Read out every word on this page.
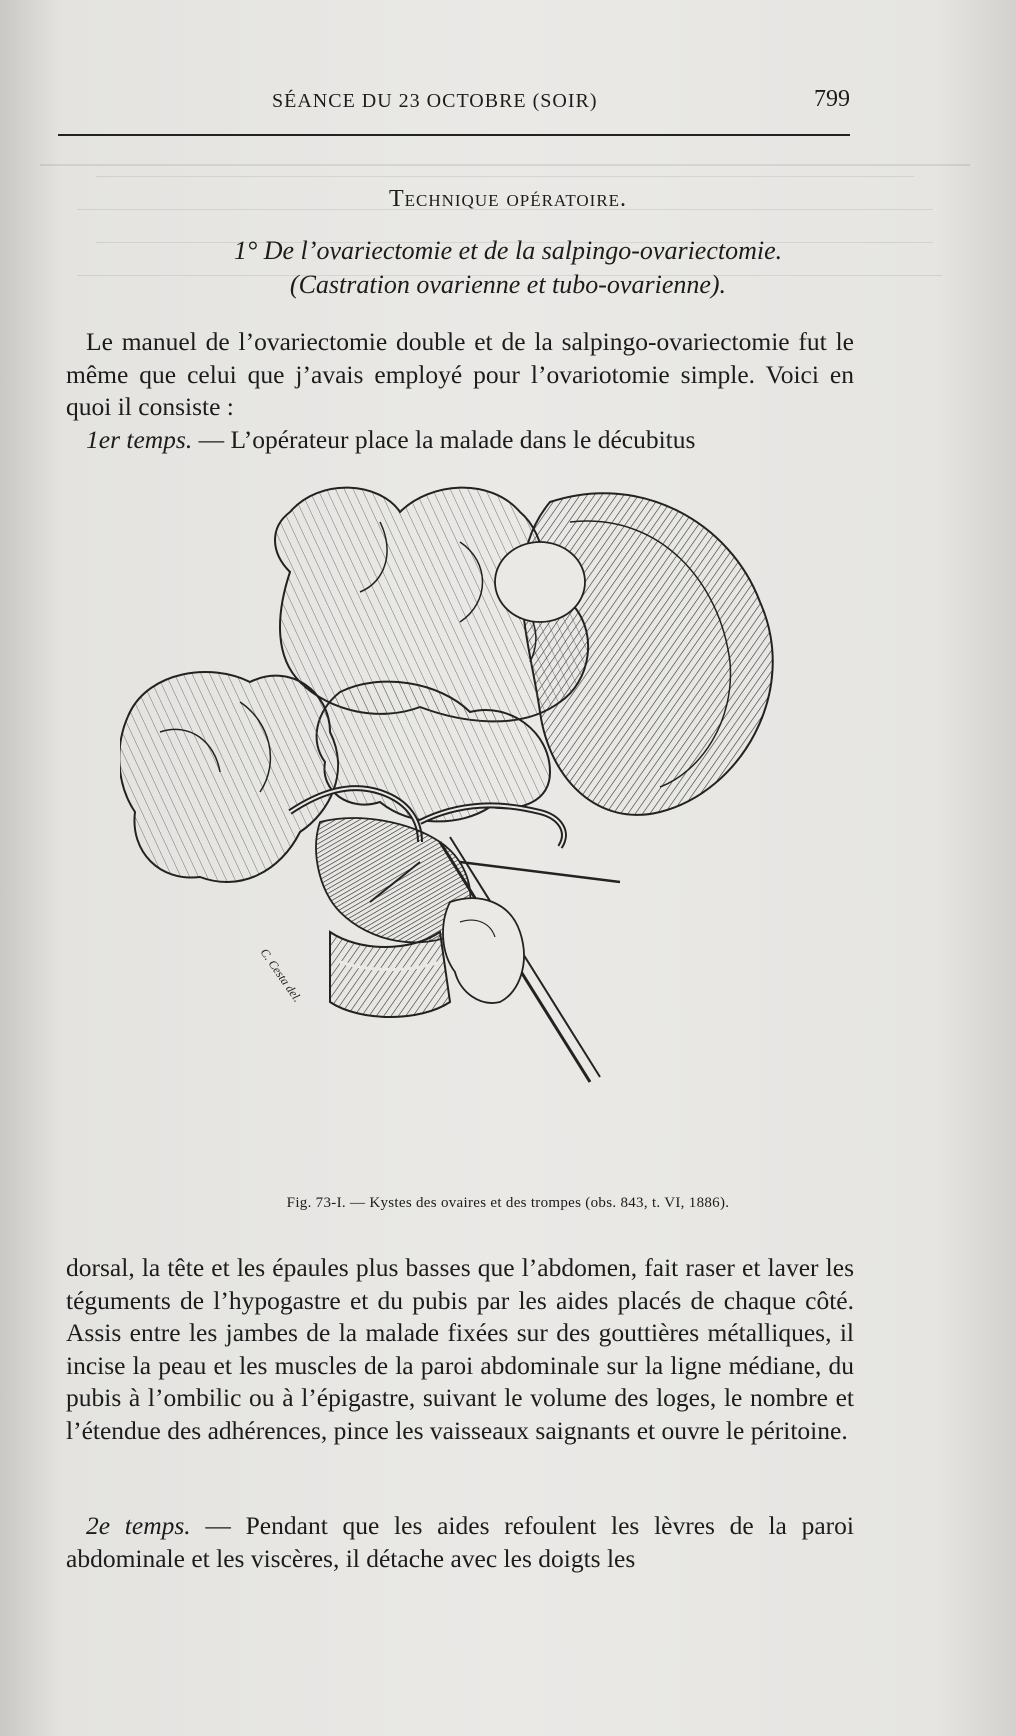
SÉANCE DU 23 OCTOBRE (SOIR)	799
Technique opératoire.
1° De l’ovariectomie et de la salpingo-ovariectomie.
(Castration ovarienne et tubo-ovarienne).

Le manuel de l’ovariectomie double et de la salpingo-ovariectomie fut le même que celui que j’avais employé pour l’ovariotomie simple. Voici en quoi il consiste :
1er temps. — L’opérateur place la malade dans le décubitus

C. Cesta del.
Fig. 73-I. — Kystes des ovaires et des trompes (obs. 843, t. VI, 1886).

dorsal, la tête et les épaules plus basses que l’abdomen, fait raser et laver les téguments de l’hypogastre et du pubis par les aides placés de chaque côté. Assis entre les jambes de la malade fixées sur des gouttières métalliques, il incise la peau et les muscles de la paroi abdominale sur la ligne médiane, du pubis à l’ombilic ou à l’épigastre, suivant le volume des loges, le nombre et l’étendue des adhérences, pince les vaisseaux saignants et ouvre le péritoine.

2e temps. — Pendant que les aides refoulent les lèvres de la paroi abdominale et les viscères, il détache avec les doigts les
